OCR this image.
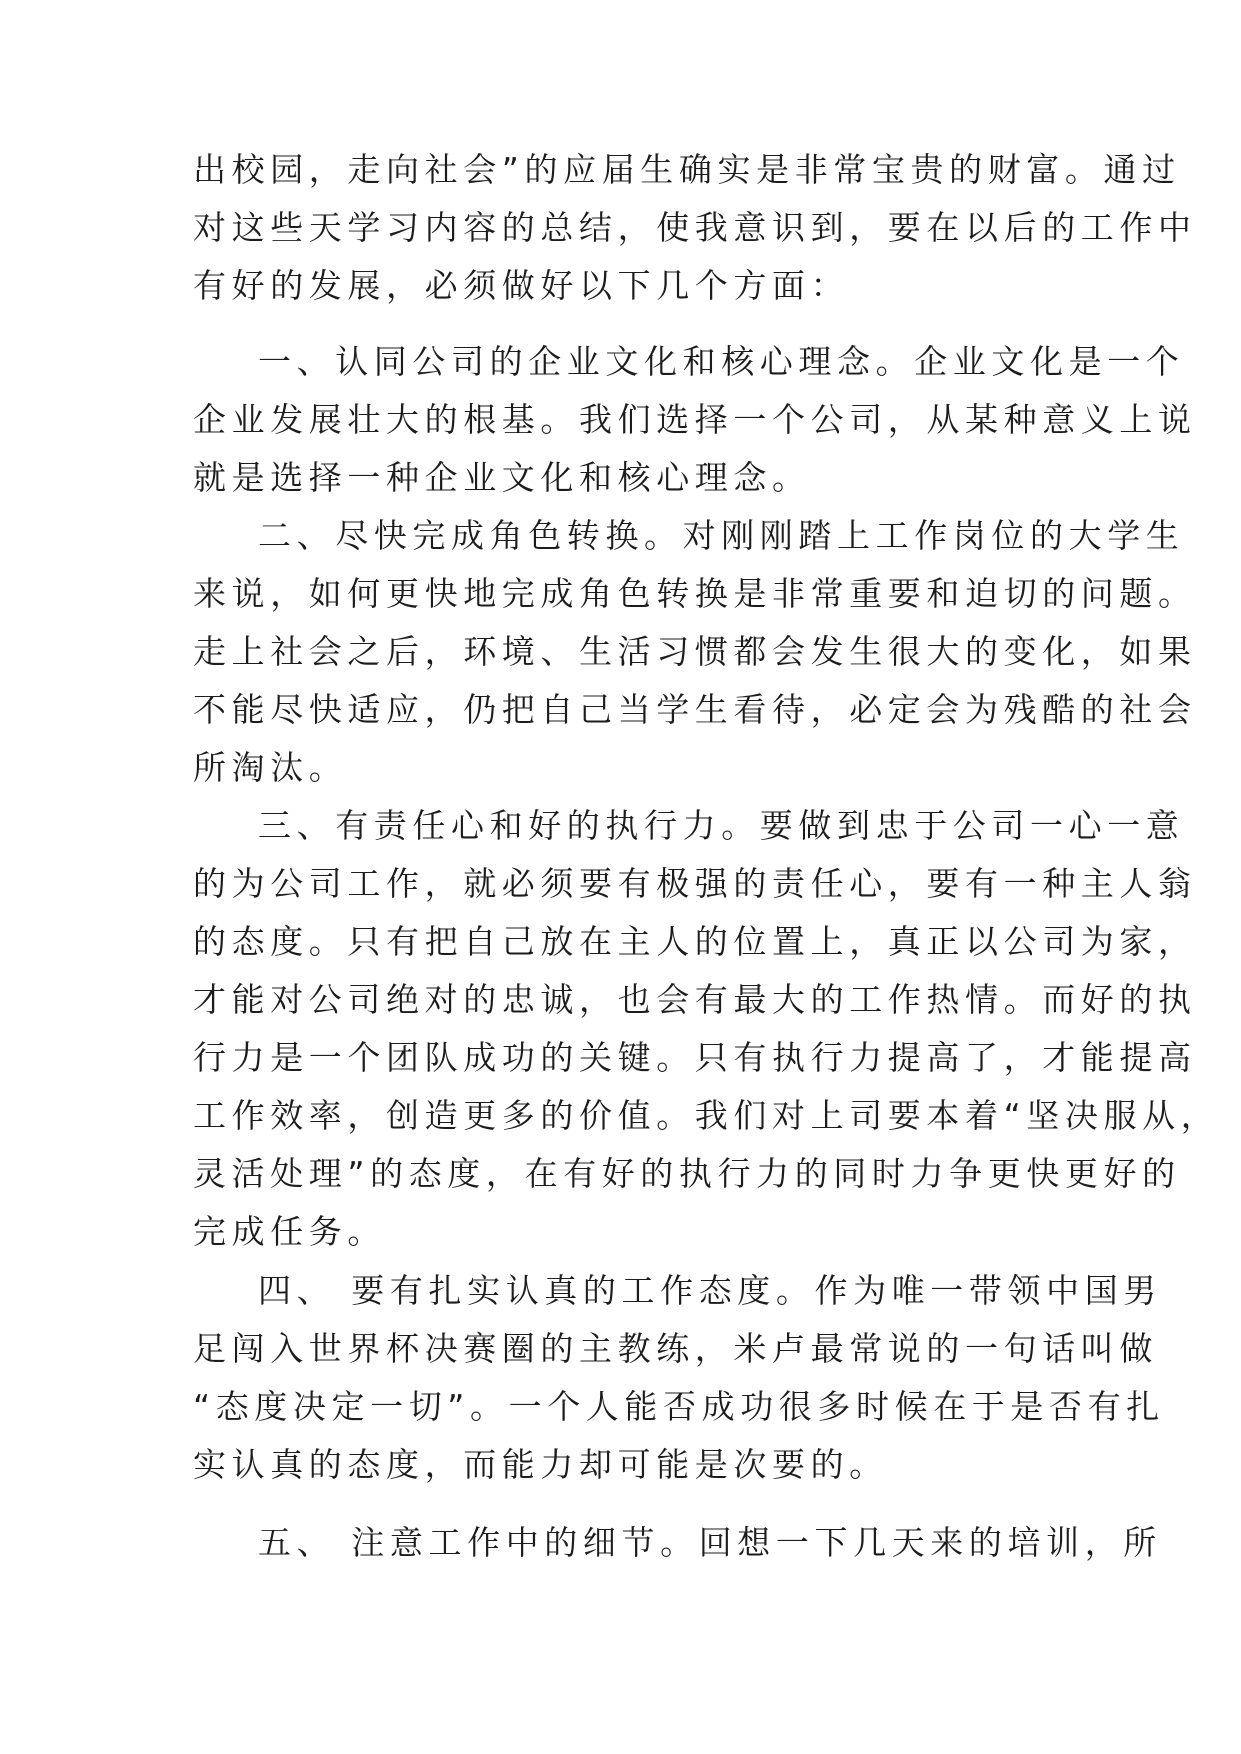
出校园，走向社会”的应届生确实是非常宝贵的财富。通过

对这些天学习内容的总结，使我意识到，要在以后的工作中

有好的发展，必须做好以下几个方面：

一、认同公司的企业文化和核心理念。企业文化是一个

企业发展壮大的根基。我们选择一个公司，从某种意义上说

就是选择一种企业文化和核心理念。

二、尽快完成角色转换。对刚刚踏上工作岗位的大学生

来说，如何更快地完成角色转换是非常重要和迫切的问题。

走上社会之后，环境、生活习惯都会发生很大的变化，如果

不能尽快适应，仍把自己当学生看待，必定会为残酷的社会

所淘汰。

三、有责任心和好的执行力。要做到忠于公司一心一意

的为公司工作，就必须要有极强的责任心，要有一种主人翁

的态度。只有把自己放在主人的位置上，真正以公司为家，

才能对公司绝对的忠诚，也会有最大的工作热情。而好的执

行力是一个团队成功的关键。只有执行力提高了，才能提高

工作效率，创造更多的价值。我们对上司要本着“坚决服从，

灵活处理”的态度，在有好的执行力的同时力争更快更好的

完成任务。

四、 要有扎实认真的工作态度。作为唯一带领中国男

足闯入世界杯决赛圈的主教练，米卢最常说的一句话叫做

“态度决定一切”。一个人能否成功很多时候在于是否有扎

实认真的态度，而能力却可能是次要的。

五、 注意工作中的细节。回想一下几天来的培训，所
